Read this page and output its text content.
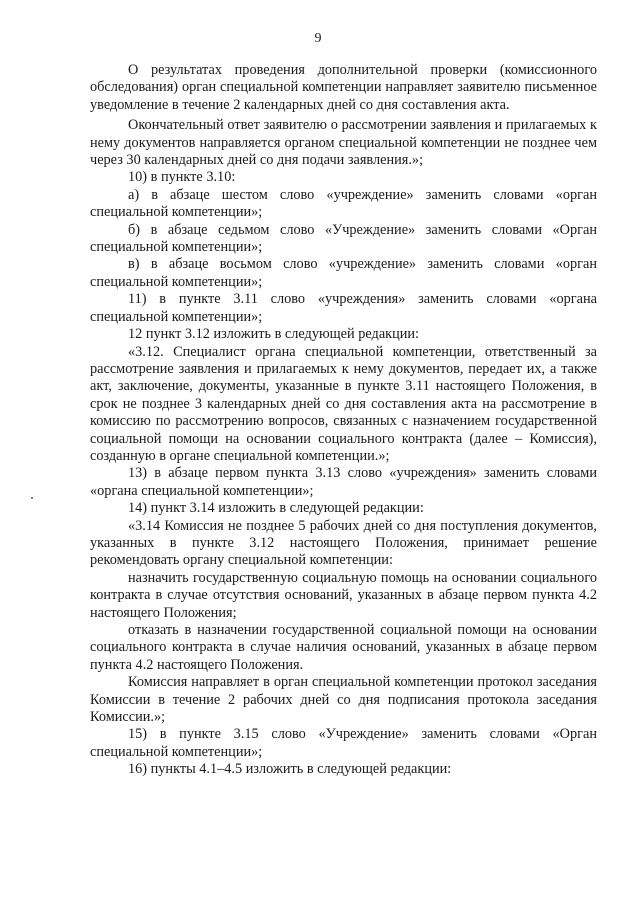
9

О результатах проведения дополнительной проверки (комиссионного обследования) орган специальной компетенции направляет заявителю письменное уведомление в течение 2 календарных дней со дня составления акта.

Окончательный ответ заявителю о рассмотрении заявления и прилагаемых к нему документов направляется органом специальной компетенции не позднее чем через 30 календарных дней со дня подачи заявления.»;

10) в пункте 3.10:

а) в абзаце шестом слово «учреждение» заменить словами «орган специальной компетенции»;

б) в абзаце седьмом слово «Учреждение» заменить словами «Орган специальной компетенции»;

в) в абзаце восьмом слово «учреждение» заменить словами «орган специальной компетенции»;

11) в пункте 3.11 слово «учреждения» заменить словами «органа специальной компетенции»;

12 пункт 3.12 изложить в следующей редакции:

«3.12. Специалист органа специальной компетенции, ответственный за рассмотрение заявления и прилагаемых к нему документов, передает их, а также акт, заключение, документы, указанные в пункте 3.11 настоящего Положения, в срок не позднее 3 календарных дней со дня составления акта на рассмотрение в комиссию по рассмотрению вопросов, связанных с назначением государственной социальной помощи на основании социального контракта (далее – Комиссия), созданную в органе специальной компетенции.»;

13) в абзаце первом пункта 3.13 слово «учреждения» заменить словами «органа специальной компетенции»;

14) пункт 3.14 изложить в следующей редакции:

«3.14 Комиссия не позднее 5 рабочих дней со дня поступления документов, указанных в пункте 3.12 настоящего Положения, принимает решение рекомендовать органу специальной компетенции:

назначить государственную социальную помощь на основании социального контракта в случае отсутствия оснований, указанных в абзаце первом пункта 4.2 настоящего Положения;

отказать в назначении государственной социальной помощи на основании социального контракта в случае наличия оснований, указанных в абзаце первом пункта 4.2 настоящего Положения.

Комиссия направляет в орган специальной компетенции протокол заседания Комиссии в течение 2 рабочих дней со дня подписания протокола заседания Комиссии.»;

15) в пункте 3.15 слово «Учреждение» заменить словами «Орган специальной компетенции»;

16) пункты 4.1–4.5 изложить в следующей редакции:
